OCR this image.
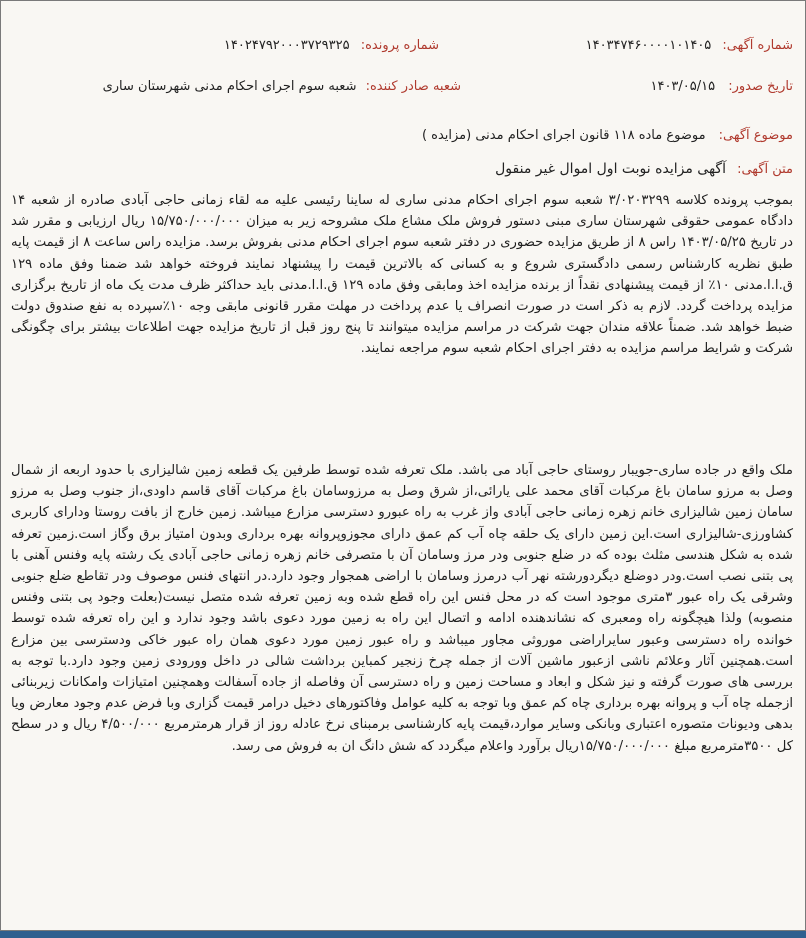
شماره آگهی: ۱۴۰۳۴۷۴۶۰۰۰۰۱۰۱۴۰۵
شماره پرونده: ۱۴۰۲۴۷۹۲۰۰۰۳۷۲۹۳۲۵
تاریخ صدور: ۱۴۰۳/۰۵/۱۵
شعبه صادر کننده: شعبه سوم اجرای احکام مدنی شهرستان ساری
موضوع آگهی: موضوع ماده ۱۱۸ قانون اجرای احکام مدنی (مزایده )
متن آگهی: آگهی مزایده نوبت اول اموال غیر منقول
بموجب پرونده کلاسه ۳/۰۲۰۳۲۹۹ شعبه سوم اجرای احکام مدنی ساری له ساینا رئیسی علیه مه لقاء زمانی حاجی آبادی صادره از شعبه ۱۴ دادگاه عمومی حقوقی شهرستان ساری مبنی دستور فروش ملک مشاع ملک مشروحه زیر به میزان ۱۵/۷۵۰/۰۰۰/۰۰۰ ریال ارزیابی و مقرر شد در تاریخ ۱۴۰۳/۰۵/۲۵ راس ۸ از طریق مزایده حضوری در دفتر شعبه سوم اجرای احکام مدنی بفروش برسد. مزایده راس ساعت ۸ از قیمت پایه طبق نظریه کارشناس رسمی دادگستری شروع و به کسانی که بالاترین قیمت را پیشنهاد نمایند فروخته خواهد شد ضمنا وفق ماده ۱۲۹ ق.ا.ا.مدنی ۱۰٪ از قیمت پیشنهادی نقداً از برنده مزایده اخذ ومابقی وفق ماده ۱۲۹ ق.ا.ا.مدنی باید حداکثر ظرف مدت یک ماه از تاریخ برگزاری مزایده پرداخت گردد. لازم به ذکر است در صورت انصراف یا عدم پرداخت در مهلت مقرر قانونی مابقی وجه ۱۰٪سپرده به نفع صندوق دولت ضبط خواهد شد. ضمناً علاقه مندان جهت شرکت در مراسم مزایده میتوانند تا پنج روز قبل از تاریخ مزایده جهت اطلاعات بیشتر برای چگونگی شرکت و شرایط مراسم مزایده به دفتر اجرای احکام شعبه سوم مراجعه نمایند.
ملک واقع در جاده ساری-جویبار روستای حاجی آباد می باشد. ملک تعرفه شده توسط طرفین یک قطعه زمین شالیزاری با حدود اربعه از شمال وصل به مرزو سامان باغ مرکبات آقای محمد علی یارائی،از شرق وصل به مرزوسامان باغ مرکبات آقای قاسم داودی،از جنوب وصل به مرزو سامان زمین شالیزاری خانم زهره زمانی حاجی آبادی واز غرب به راه عبورو دسترسی مزارع میباشد. زمین خارج از بافت روستا ودارای کاربری کشاورزی-شالیزاری است.این زمین دارای یک حلقه چاه آب کم عمق دارای مجوزوپروانه بهره برداری وبدون امتیاز برق وگاز است.زمین تعرفه شده به شکل هندسی مثلث بوده که در ضلع جنوبی ودر مرز وسامان آن با متصرفی خانم زهره زمانی حاجی آبادی یک رشته پایه وفنس آهنی با پی بتنی نصب است.ودر دوضلع دیگردورشته نهر آب درمرز وسامان با اراضی همجوار وجود دارد.در انتهای فنس موصوف ودر تقاطع ضلع جنوبی وشرقی یک راه عبور ۳متری موجود است که در محل فنس این راه قطع شده وبه زمین تعرفه شده متصل نیست(بعلت وجود پی بتنی وفنس منصوبه) ولذا هیچگونه راه ومعبری که نشاندهنده ادامه و اتصال این راه به زمین مورد دعوی باشد وجود ندارد و این راه تعرفه شده توسط خوانده راه دسترسی وعبور سایراراضی موروثی مجاور میباشد و راه عبور زمین مورد دعوی همان راه عبور خاکی ودسترسی بین مزارع است.همچنین آثار وعلائم ناشی ازعبور ماشین آلات از جمله چرخ زنجیر کمباین برداشت شالی در داخل وورودی زمین وجود دارد.با توجه به بررسی های صورت گرفته و نیز شکل و ابعاد و مساحت زمین و راه دسترسی آن وفاصله از جاده آسفالت وهمچنین امتیازات وامکانات زیربنائی ازجمله چاه آب و پروانه بهره برداری چاه کم عمق وبا توجه به کلیه عوامل وفاکتورهای دخیل درامر قیمت گزاری وبا فرض عدم وجود معارض ویا بدهی ودیونات متصوره اعتباری وبانکی وسایر موارد،قیمت پایه کارشناسی برمبنای نرخ عادله روز از قرار هرمترمربع ۴/۵۰۰/۰۰۰ ریال و در سطح کل ۳۵۰۰مترمربع مبلغ ۱۵/۷۵۰/۰۰۰/۰۰۰ریال برآورد واعلام میگردد که شش دانگ ان به فروش می رسد.
